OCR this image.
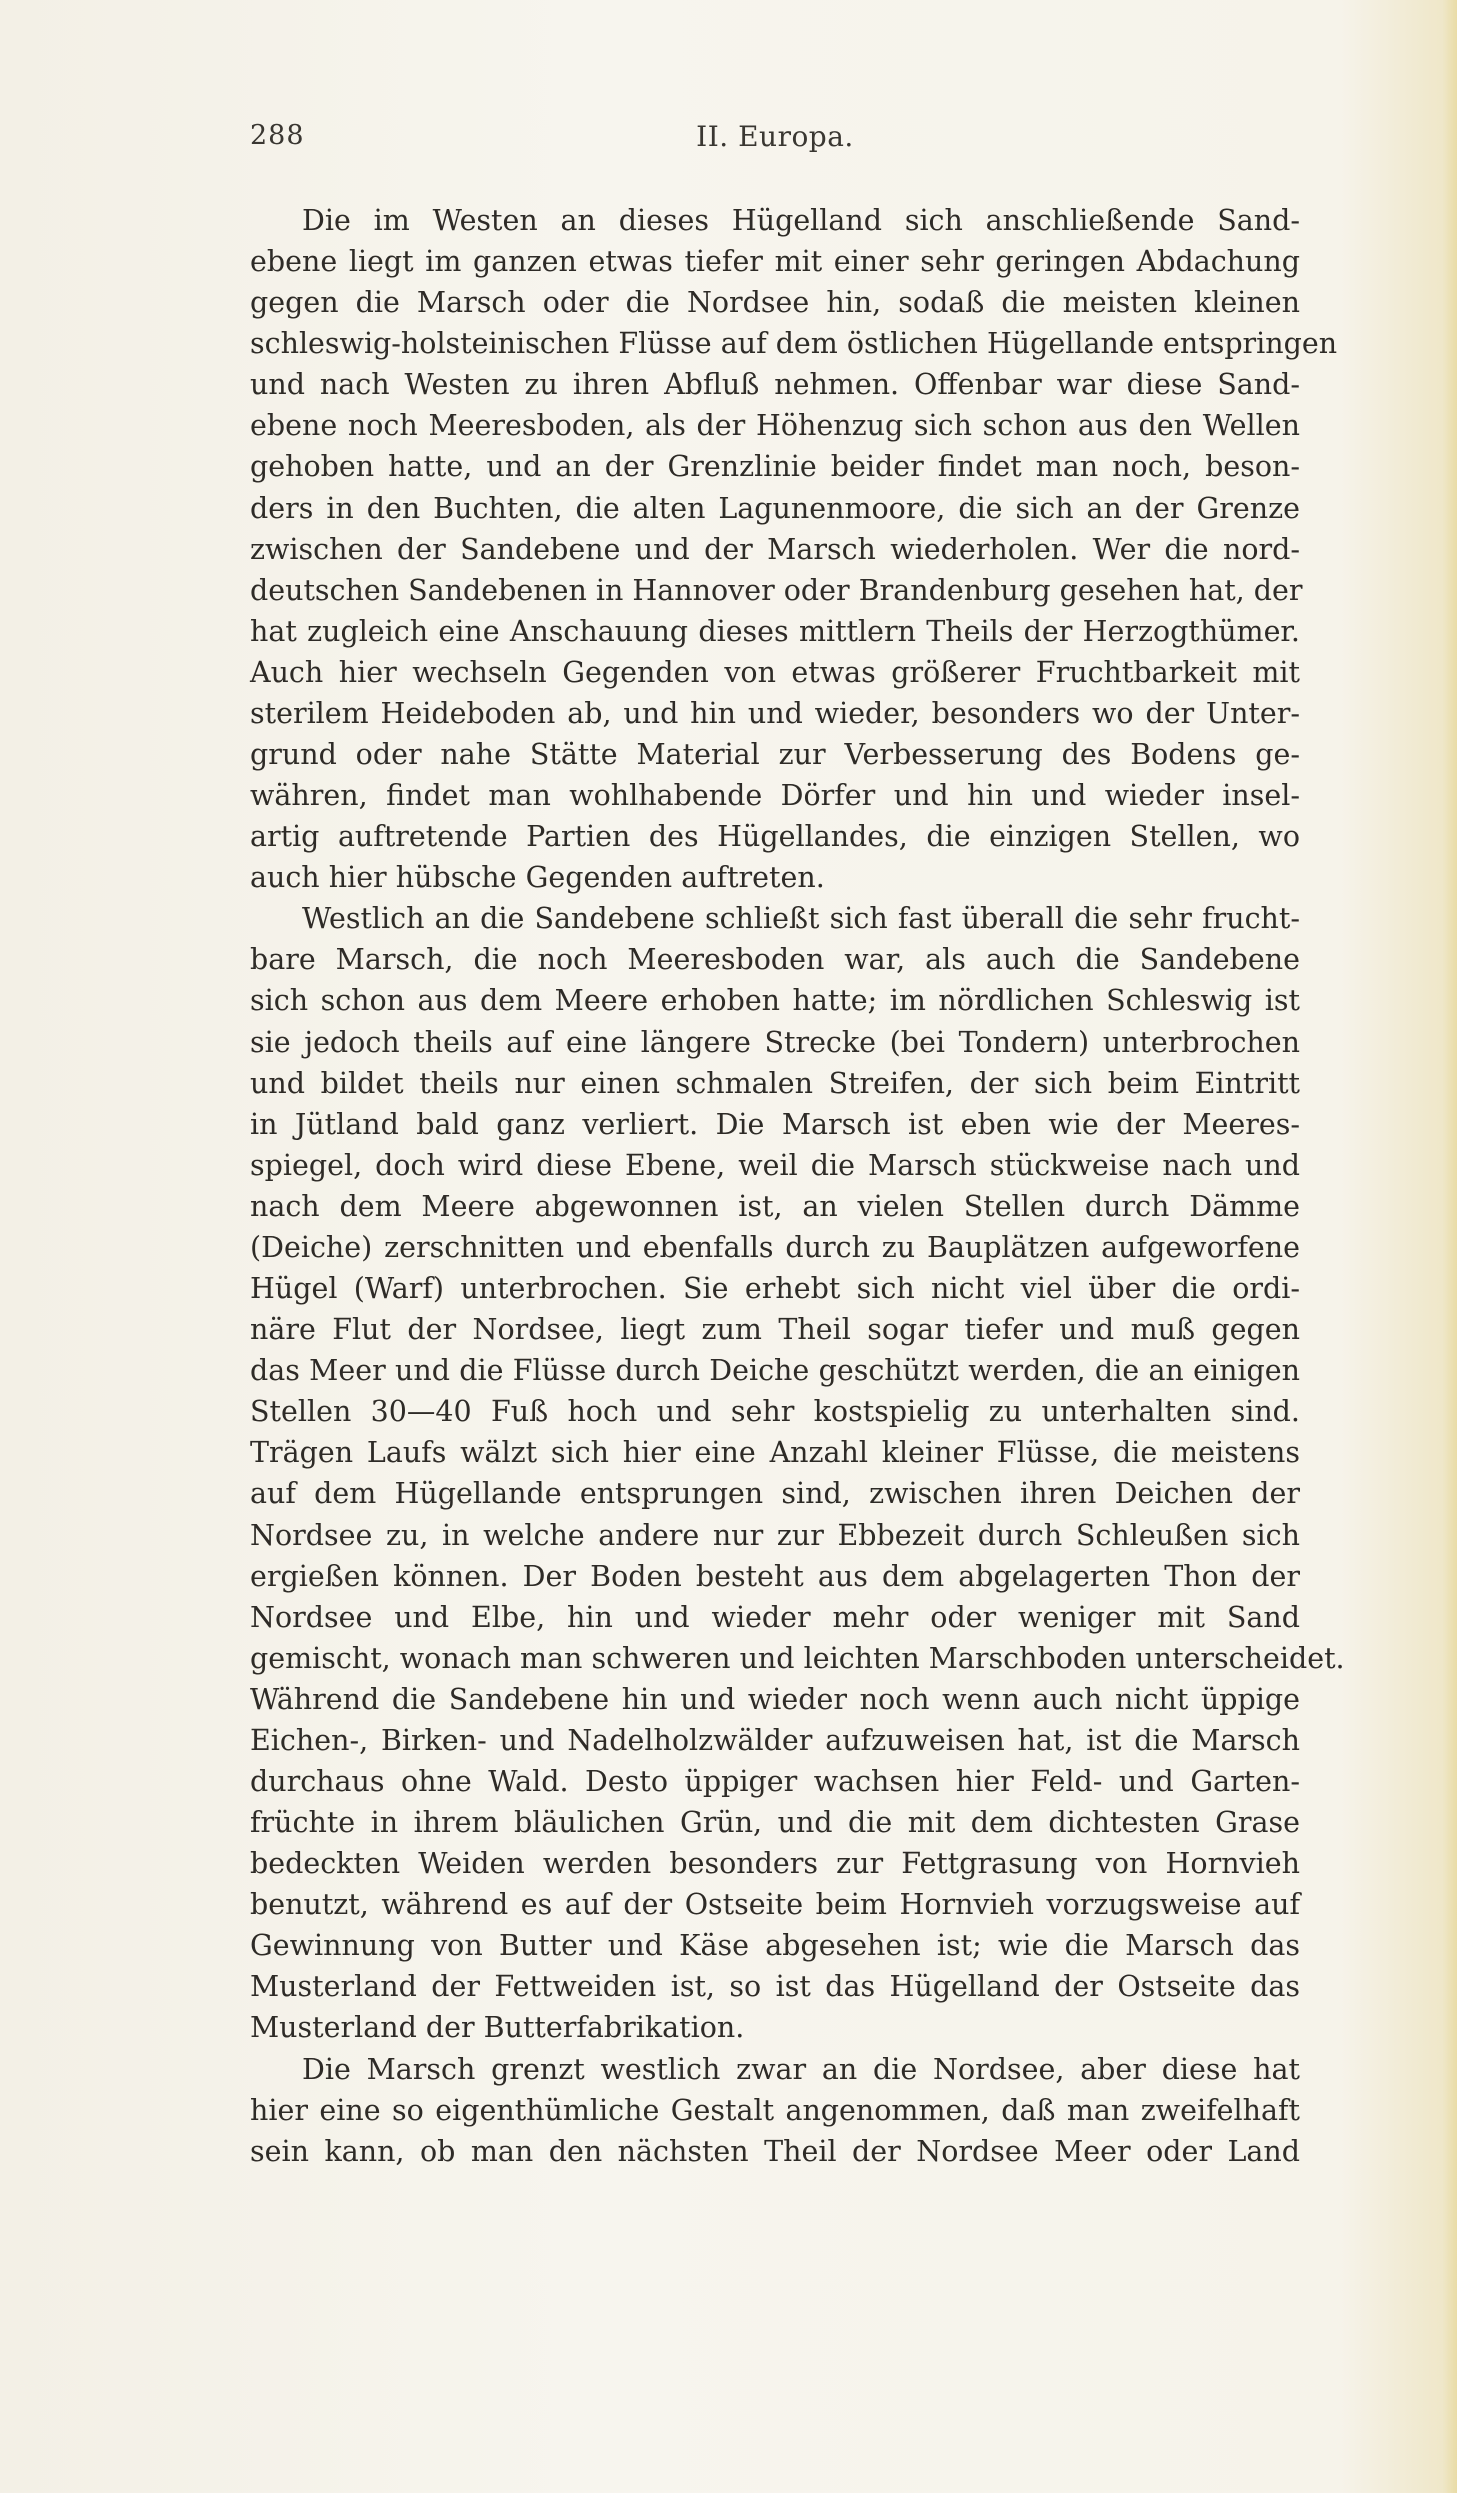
288	II. Europa.
Die im Westen an dieses Hügelland sich anschließende Sand-
ebene liegt im ganzen etwas tiefer mit einer sehr geringen Abdachung
gegen die Marsch oder die Nordsee hin, sodaß die meisten kleinen
schleswig-holsteinischen Flüsse auf dem östlichen Hügellande entspringen
und nach Westen zu ihren Abfluß nehmen. Offenbar war diese Sand-
ebene noch Meeresboden, als der Höhenzug sich schon aus den Wellen
gehoben hatte, und an der Grenzlinie beider findet man noch, beson-
ders in den Buchten, die alten Lagunenmoore, die sich an der Grenze
zwischen der Sandebene und der Marsch wiederholen. Wer die nord-
deutschen Sandebenen in Hannover oder Brandenburg gesehen hat, der
hat zugleich eine Anschauung dieses mittlern Theils der Herzogthümer.
Auch hier wechseln Gegenden von etwas größerer Fruchtbarkeit mit
sterilem Heideboden ab, und hin und wieder, besonders wo der Unter-
grund oder nahe Stätte Material zur Verbesserung des Bodens ge-
währen, findet man wohlhabende Dörfer und hin und wieder insel-
artig auftretende Partien des Hügellandes, die einzigen Stellen, wo
auch hier hübsche Gegenden auftreten.
Westlich an die Sandebene schließt sich fast überall die sehr frucht-
bare Marsch, die noch Meeresboden war, als auch die Sandebene
sich schon aus dem Meere erhoben hatte; im nördlichen Schleswig ist
sie jedoch theils auf eine längere Strecke (bei Tondern) unterbrochen
und bildet theils nur einen schmalen Streifen, der sich beim Eintritt
in Jütland bald ganz verliert. Die Marsch ist eben wie der Meeres-
spiegel, doch wird diese Ebene, weil die Marsch stückweise nach und
nach dem Meere abgewonnen ist, an vielen Stellen durch Dämme
(Deiche) zerschnitten und ebenfalls durch zu Bauplätzen aufgeworfene
Hügel (Warf) unterbrochen. Sie erhebt sich nicht viel über die ordi-
näre Flut der Nordsee, liegt zum Theil sogar tiefer und muß gegen
das Meer und die Flüsse durch Deiche geschützt werden, die an einigen
Stellen 30—40 Fuß hoch und sehr kostspielig zu unterhalten sind.
Trägen Laufs wälzt sich hier eine Anzahl kleiner Flüsse, die meistens
auf dem Hügellande entsprungen sind, zwischen ihren Deichen der
Nordsee zu, in welche andere nur zur Ebbezeit durch Schleußen sich
ergießen können. Der Boden besteht aus dem abgelagerten Thon der
Nordsee und Elbe, hin und wieder mehr oder weniger mit Sand
gemischt, wonach man schweren und leichten Marschboden unterscheidet.
Während die Sandebene hin und wieder noch wenn auch nicht üppige
Eichen-, Birken- und Nadelholzwälder aufzuweisen hat, ist die Marsch
durchaus ohne Wald. Desto üppiger wachsen hier Feld- und Garten-
früchte in ihrem bläulichen Grün, und die mit dem dichtesten Grase
bedeckten Weiden werden besonders zur Fettgrasung von Hornvieh
benutzt, während es auf der Ostseite beim Hornvieh vorzugsweise auf
Gewinnung von Butter und Käse abgesehen ist; wie die Marsch das
Musterland der Fettweiden ist, so ist das Hügelland der Ostseite das
Musterland der Butterfabrikation.
Die Marsch grenzt westlich zwar an die Nordsee, aber diese hat
hier eine so eigenthümliche Gestalt angenommen, daß man zweifelhaft
sein kann, ob man den nächsten Theil der Nordsee Meer oder Land
